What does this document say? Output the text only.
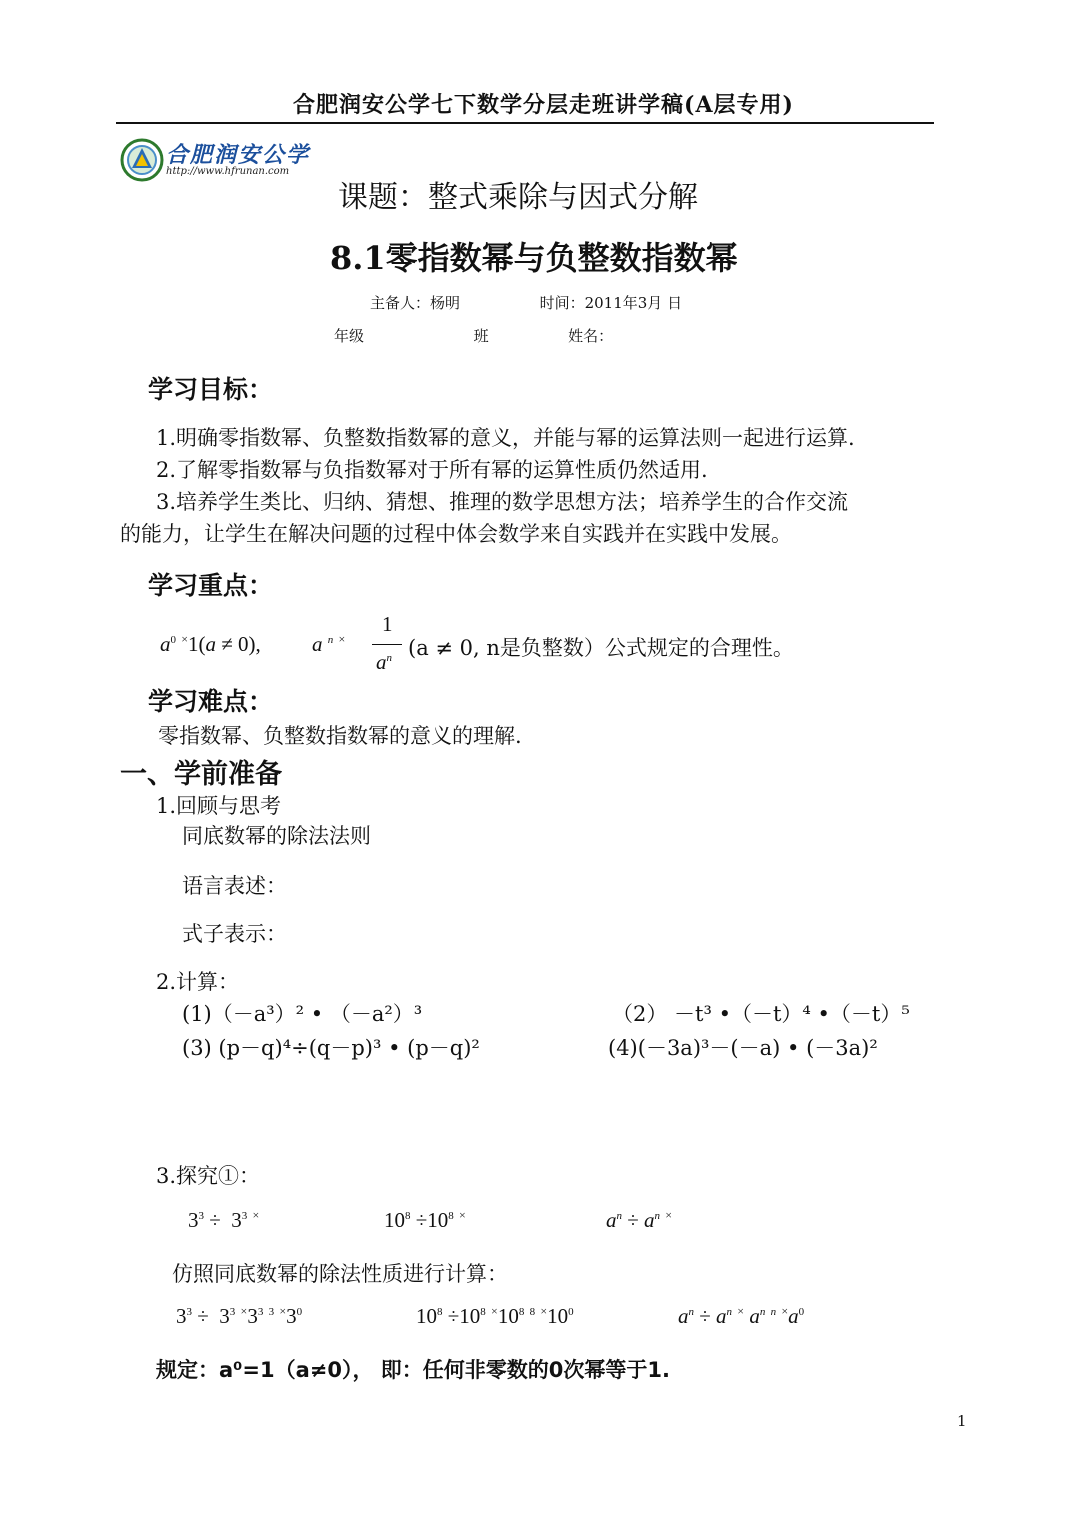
合肥润安公学七下数学分层走班讲学稿(A层专用)
合肥润安公学
http://www.hfrunan.com
课题：整式乘除与因式分解
8.1零指数幂与负整数指数幂
主备人：杨明	时间：2011年3月 日
年级	班	姓名：
学习目标：
1.明确零指数幂、负整数指数幂的意义，并能与幂的运算法则一起进行运算.
2.了解零指数幂与负指数幂对于所有幂的运算性质仍然适用.
3.培养学生类比、归纳、猜想、推理的数学思想方法；培养学生的合作交流
的能力，让学生在解决问题的过程中体会数学来自实践并在实践中发展。
学习重点：
$a^0$ ×1(a ≠ 0), a $^n$ ×
1
$a^n$ (a ≠ 0, n是负整数）公式规定的合理性。
学习难点：
零指数幂、负整数指数幂的意义的理解.
一、学前准备
1.回顾与思考
同底数幂的除法法则
语言表述：
式子表示：
2.计算：
(1)（－a³）² • （－a²）³	（2） －t³ •（－t）⁴ •（－t）⁵
(3) (p－q)⁴÷(q－p)³ • (p－q)²	(4)(－3a)³－(－a) • (－3a)²
3.探究①：
$3^3 \div 3^3$ ×	$10^8 \div 10^8$ ×	$a^n \div a^n$ ×
仿照同底数幂的除法性质进行计算：
$3^3 \div 3^3$ $^\times 3^3$ $^3$ $^\times 3^0$	$10^8 \div 10^8$ $^\times 10^8$ $^8$ $^\times 10^0$	$a^n \div a^n$ × $a^n$ $^n$ $^\times a^0$
规定：a⁰=1（a≠0）， 即：任何非零数的0次幂等于1.
1
